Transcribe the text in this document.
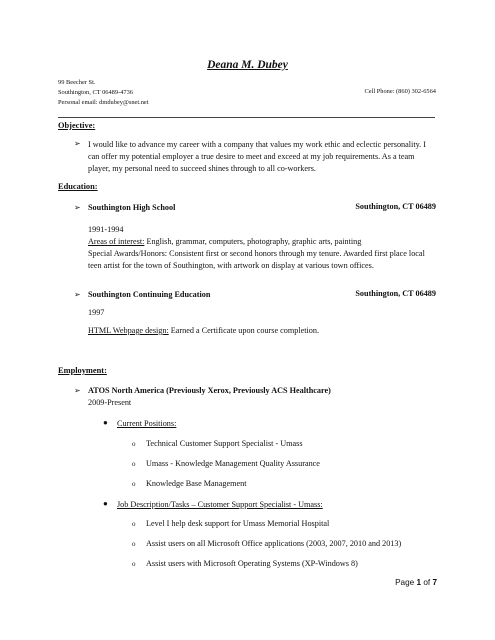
Deana M. Dubey
99 Beecher St.
Southington, CT 06489-4736	Cell Phone: (860) 302-6564
Personal email: dmdubey@snet.net
Objective:
➢ I would like to advance my career with a company that values my work ethic and eclectic personality. I can offer my potential employer a true desire to meet and exceed at my job requirements. As a team player, my personal need to succeed shines through to all co-workers.
Education:
➢ Southington High School	Southington, CT 06489
1991-1994
Areas of interest: English, grammar, computers, photography, graphic arts, painting
Special Awards/Honors: Consistent first or second honors through my tenure. Awarded first place local teen artist for the town of Southington, with artwork on display at various town offices.
➢ Southington Continuing Education	Southington, CT 06489
1997
HTML Webpage design: Earned a Certificate upon course completion.
Employment:
➢ ATOS North America (Previously Xerox, Previously ACS Healthcare)
2009-Present
● Current Positions:
o Technical Customer Support Specialist - Umass
o Umass - Knowledge Management Quality Assurance
o Knowledge Base Management
● Job Description/Tasks – Customer Support Specialist - Umass:
o Level I help desk support for Umass Memorial Hospital
o Assist users on all Microsoft Office applications (2003, 2007, 2010 and 2013)
o Assist users with Microsoft Operating Systems (XP-Windows 8)
Page 1 of 7
